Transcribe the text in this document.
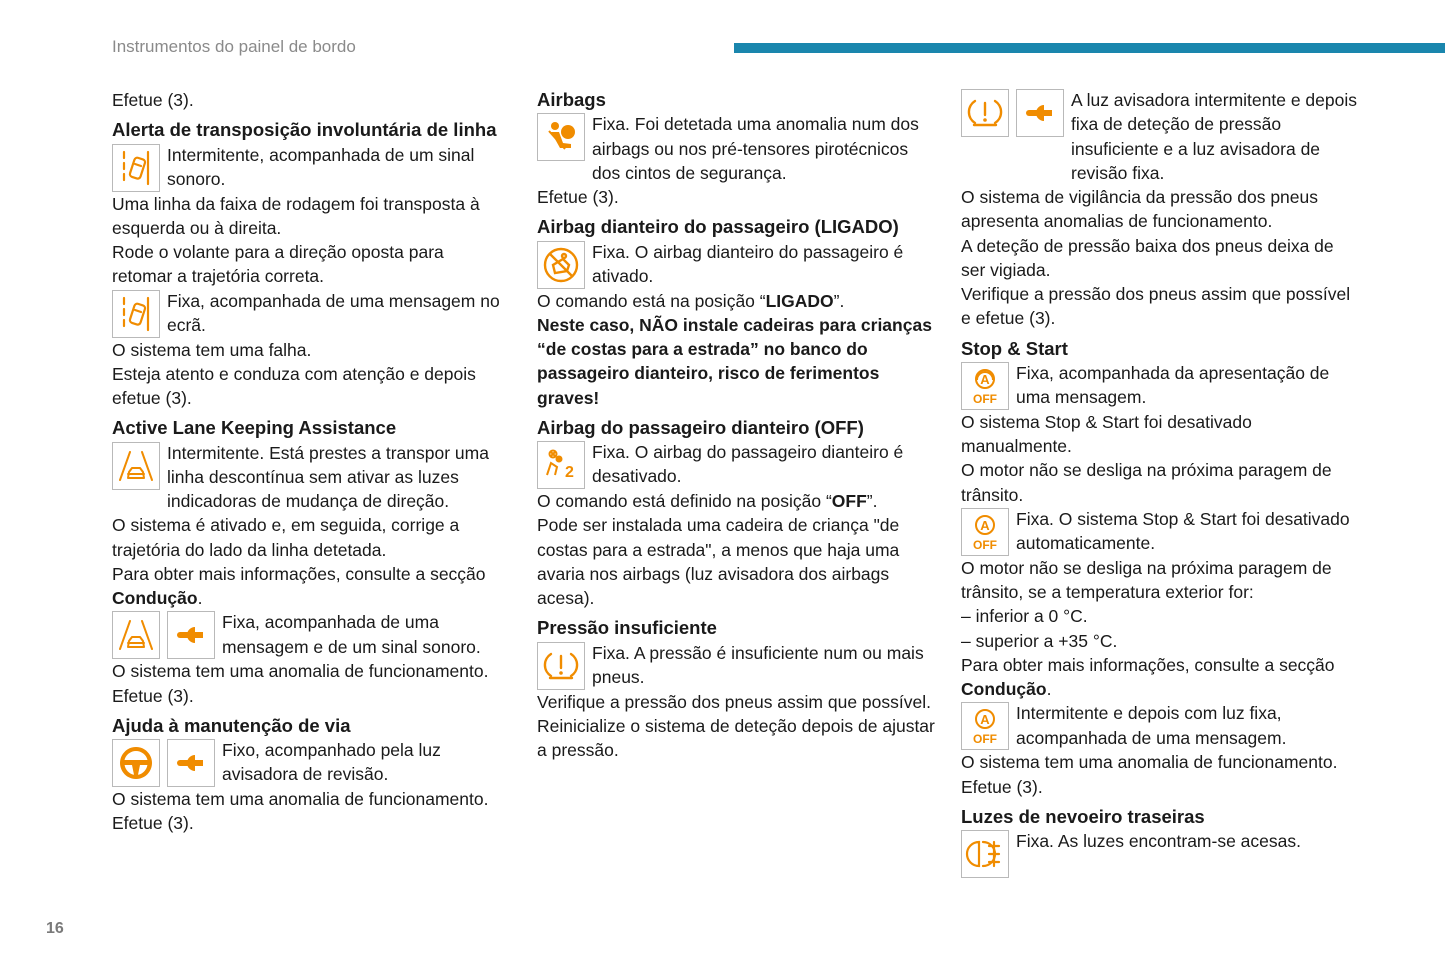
Instrumentos do painel de bordo
16

Efetue (3).

Alerta de transposição involuntária de linha
Intermitente, acompanhada de um sinal sonoro.

Uma linha da faixa de rodagem foi transposta à esquerda ou à direita.

Rode o volante para a direção oposta para retomar a trajetória correta.

Fixa, acompanhada de uma mensagem no ecrã.

O sistema tem uma falha.

Esteja atento e conduza com atenção e depois efetue (3).

Active Lane Keeping Assistance
Intermitente. Está prestes a transpor uma linha descontínua sem ativar as luzes indicadoras de mudança de direção.

O sistema é ativado e, em seguida, corrige a trajetória do lado da linha detetada.

Para obter mais informações, consulte a secção Condução.

Fixa, acompanhada de uma mensagem e de um sinal sonoro.

O sistema tem uma anomalia de funcionamento.

Efetue (3).

Ajuda à manutenção de via
Fixo, acompanhado pela luz avisadora de revisão.

O sistema tem uma anomalia de funcionamento.

Efetue (3).

Airbags
Fixa. Foi detetada uma anomalia num dos airbags ou nos pré-tensores pirotécnicos dos cintos de segurança.

Efetue (3).

Airbag dianteiro do passageiro (LIGADO)
Fixa. O airbag dianteiro do passageiro é ativado.

O comando está na posição “LIGADO”.

Neste caso, NÃO instale cadeiras para crianças “de costas para a estrada” no banco do passageiro dianteiro, risco de ferimentos graves!

Airbag do passageiro dianteiro (OFF)
2
Fixa. O airbag do passageiro dianteiro é desativado.

O comando está definido na posição “OFF”.

Pode ser instalada uma cadeira de criança "de costas para a estrada", a menos que haja uma avaria nos airbags (luz avisadora dos airbags acesa).

Pressão insuficiente
Fixa. A pressão é insuficiente num ou mais pneus.

Verifique a pressão dos pneus assim que possível.

Reinicialize o sistema de deteção depois de ajustar a pressão.

A luz avisadora intermitente e depois fixa de deteção de pressão insuficiente e a luz avisadora de revisão fixa.

O sistema de vigilância da pressão dos pneus apresenta anomalias de funcionamento.

A deteção de pressão baixa dos pneus deixa de ser vigiada.

Verifique a pressão dos pneus assim que possível e efetue (3).

Stop & Start
A
OFF
Fixa, acompanhada da apresentação de uma mensagem.

O sistema Stop & Start foi desativado manualmente.

O motor não se desliga na próxima paragem de trânsito.

A
OFF
Fixa. O sistema Stop & Start foi desativado automaticamente.

O motor não se desliga na próxima paragem de trânsito, se a temperatura exterior for:

– inferior a 0 °C.

– superior a +35 °C.

Para obter mais informações, consulte a secção Condução.

A
OFF
Intermitente e depois com luz fixa, acompanhada de uma mensagem.

O sistema tem uma anomalia de funcionamento.

Efetue (3).

Luzes de nevoeiro traseiras
Fixa. As luzes encontram-se acesas.
